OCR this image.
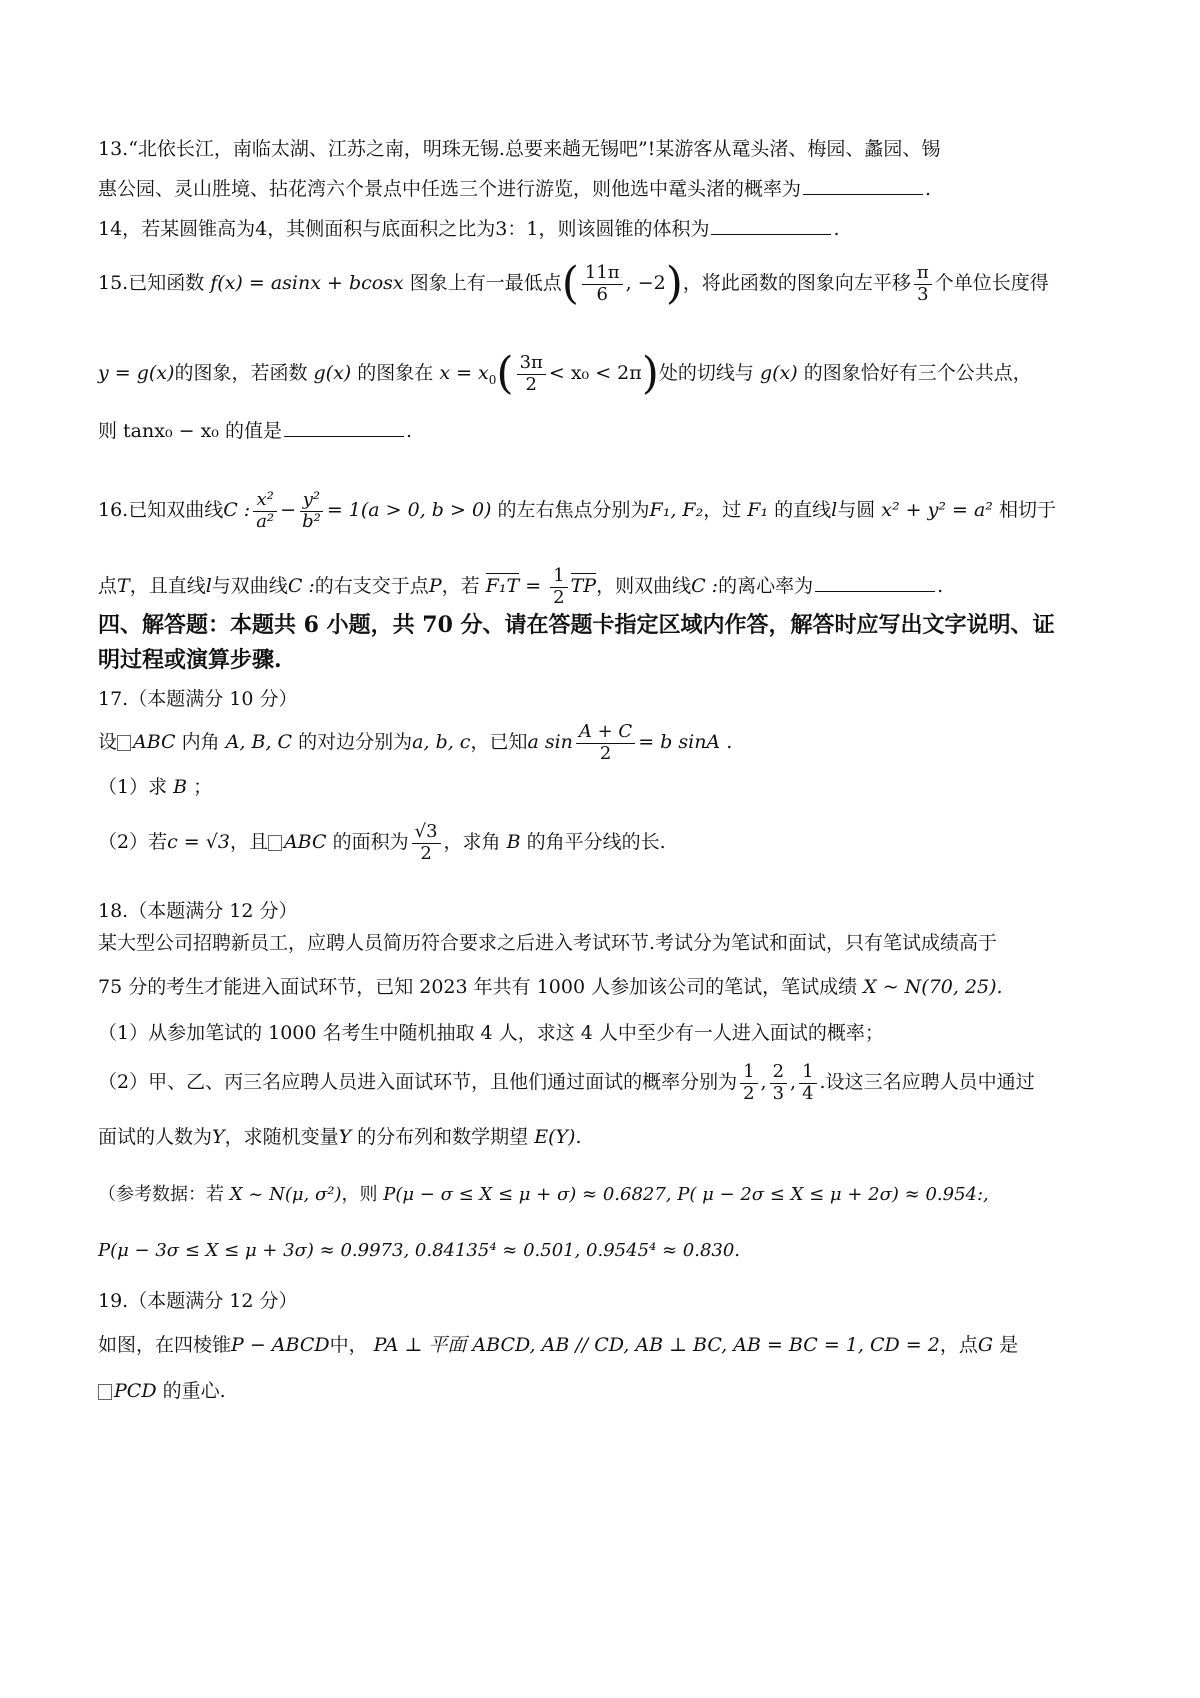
13.“北依长江，南临太湖、江苏之南，明珠无锡.总要来趟无锡吧”!某游客从鼋头渚、梅园、蠡园、锡
惠公园、灵山胜境、拈花湾六个景点中任选三个进行游览，则他选中鼋头渚的概率为	.
14，若某圆锥高为4，其侧面积与底面积之比为3：1，则该圆锥的体积为	.
15.已知函数 f(x) = asinx + bcosx 图象上有一最低点( $\frac{11\pi}{6}$ , −2)，将此函数的图象向左平移 $\frac{\pi}{3}$ 个单位长度得
y = g(x)的图象，若函数 g(x) 的图象在 $x = x_0( \frac{3\pi}{2} < x_0 < 2\pi)$处的切线与 g(x) 的图象恰好有三个公共点，
则 tanx₀ − x₀ 的值是	.
16.已知双曲线C : $\frac{\text{x²}}{\text{a²}} - \frac{\text{y²}}{\text{b²}} = 1(a > 0$, b > 0) 的左右焦点分别为F₁, F₂，过 F₁ 的直线l与圆 x² + y² = a² 相切于
点T，且直线l与双曲线C :的右支交于点P，若 $F_1T = \frac{1}{2}$ TP，则双曲线C :的离心率为	.
四、解答题：本题共 6 小题，共 70 分、请在答题卡指定区域内作答，解答时应写出文字说明、证
明过程或演算步骤.
17.（本题满分 10 分）
设 ABC 内角 A, B, C 的对边分别为a, b, c，已知a $\sin \frac{A + C}{2} = b$ sinA .
（1）求 B ；
（2）若c = √3，且 ABC 的面积为 $\frac{√3}{2}$ ，求角 B 的角平分线的长.
18.（本题满分 12 分）
某大型公司招聘新员工，应聘人员简历符合要求之后进入考试环节.考试分为笔试和面试，只有笔试成绩高于
75 分的考生才能进入面试环节，已知 2023 年共有 1000 人参加该公司的笔试，笔试成绩 X ~ N(70, 25).
（1）从参加笔试的 1000 名考生中随机抽取 4 人，求这 4 人中至少有一人进入面试的概率；
（2）甲、乙、丙三名应聘人员进入面试环节，且他们通过面试的概率分别为 $\frac{1}{2}$ , $\frac{2}{3}$ , $\frac{1}{4}$ .设这三名应聘人员中通过
面试的人数为Y，求随机变量Y 的分布列和数学期望 E(Y).
（参考数据：若 X ~ N(μ, σ²)，则 P(μ − σ ≤ X ≤ μ + σ) ≈ 0.6827, P( μ − 2σ ≤ X ≤ μ + 2σ) ≈ 0.954:,
P(μ − 3σ ≤ X ≤ μ + 3σ) ≈ 0.9973, 0.84135⁴ ≈ 0.501, 0.9545⁴ ≈ 0.830.
19.（本题满分 12 分）
如图，在四棱锥P − ABCD中， PA ⊥ 平面 ABCD, AB // CD, AB ⊥ BC, AB = BC = 1, CD = 2，点G 是
PCD 的重心.
